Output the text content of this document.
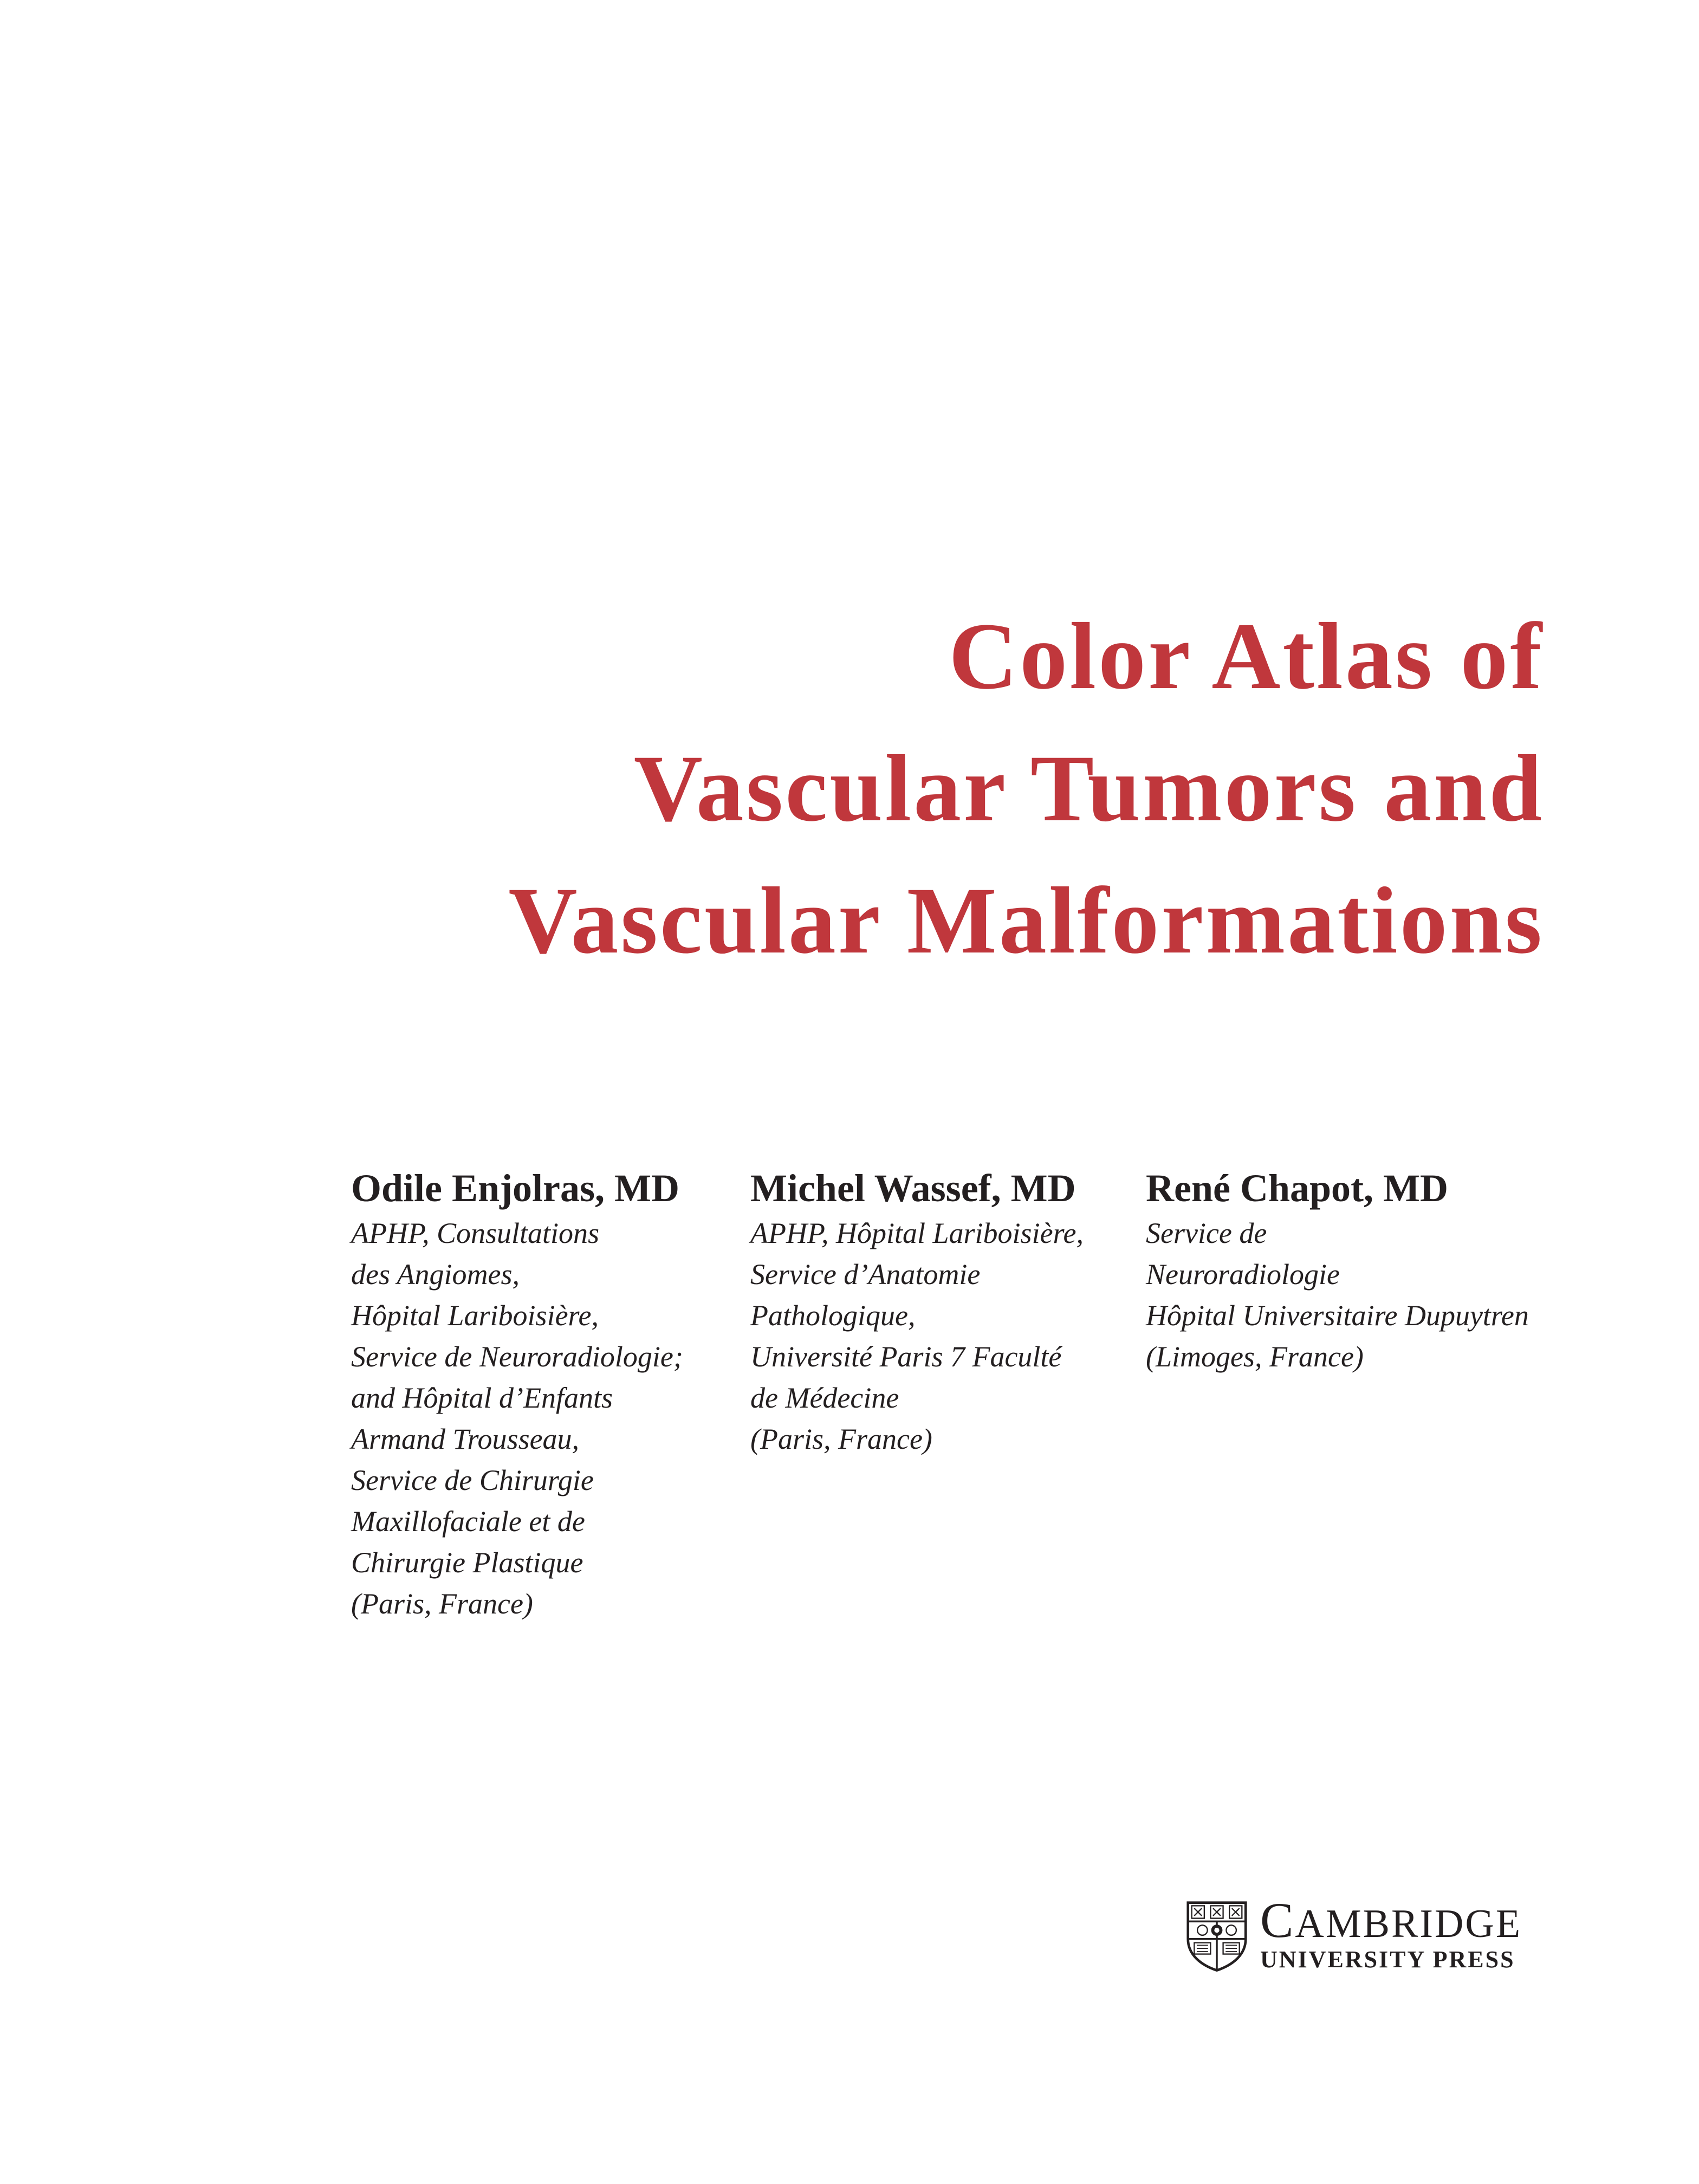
Color Atlas of
Vascular Tumors and
Vascular Malformations
Odile Enjolras, MD
APHP, Consultations
des Angiomes,
Hôpital Lariboisière,
Service de Neuroradiologie;
and Hôpital d’Enfants
Armand Trousseau,
Service de Chirurgie
Maxillofaciale et de
Chirurgie Plastique
(Paris, France)
Michel Wassef, MD
APHP, Hôpital Lariboisière,
Service d’Anatomie
Pathologique,
Université Paris 7 Faculté
de Médecine
(Paris, France)
René Chapot, MD
Service de
Neuroradiologie
Hôpital Universitaire Dupuytren
(Limoges, France)
CAMBRIDGE
UNIVERSITY PRESS
